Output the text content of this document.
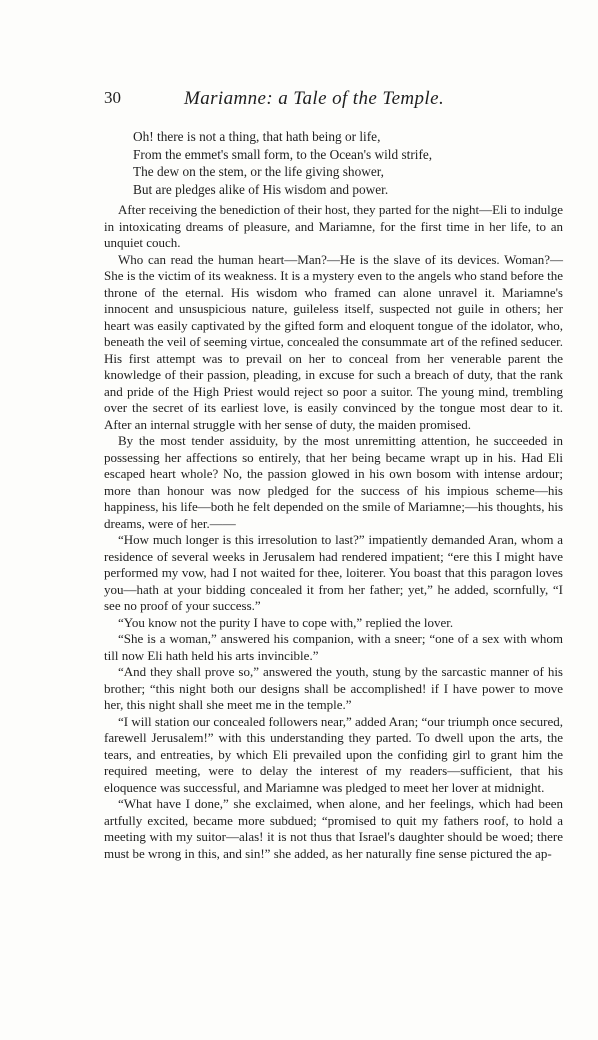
30	Mariamne: a Tale of the Temple.
Oh! there is not a thing, that hath being or life,
From the emmet's small form, to the Ocean's wild strife,
The dew on the stem, or the life giving shower,
But are pledges alike of His wisdom and power.

After receiving the benediction of their host, they parted for the night—Eli to indulge in intoxicating dreams of pleasure, and Mariamne, for the first time in her life, to an unquiet couch.

Who can read the human heart—Man?—He is the slave of its devices. Woman?—She is the victim of its weakness. It is a mystery even to the angels who stand before the throne of the eternal. His wisdom who framed can alone unravel it. Mariamne's innocent and unsuspicious nature, guileless itself, suspected not guile in others; her heart was easily captivated by the gifted form and eloquent tongue of the idolator, who, beneath the veil of seeming virtue, concealed the consummate art of the refined seducer. His first attempt was to prevail on her to conceal from her venerable parent the knowledge of their passion, pleading, in excuse for such a breach of duty, that the rank and pride of the High Priest would reject so poor a suitor. The young mind, trembling over the secret of its earliest love, is easily convinced by the tongue most dear to it. After an internal struggle with her sense of duty, the maiden promised.

By the most tender assiduity, by the most unremitting attention, he succeeded in possessing her affections so entirely, that her being became wrapt up in his. Had Eli escaped heart whole? No, the passion glowed in his own bosom with intense ardour; more than honour was now pledged for the success of his impious scheme—his happiness, his life—both he felt depended on the smile of Mariamne;—his thoughts, his dreams, were of her.——

“How much longer is this irresolution to last?” impatiently demanded Aran, whom a residence of several weeks in Jerusalem had rendered impatient; “ere this I might have performed my vow, had I not waited for thee, loiterer. You boast that this paragon loves you—hath at your bidding concealed it from her father; yet,” he added, scornfully, “I see no proof of your success.”

“You know not the purity I have to cope with,” replied the lover.

“She is a woman,” answered his companion, with a sneer; “one of a sex with whom till now Eli hath held his arts invincible.”

“And they shall prove so,” answered the youth, stung by the sarcastic manner of his brother; “this night both our designs shall be accomplished! if I have power to move her, this night shall she meet me in the temple.”

“I will station our concealed followers near,” added Aran; “our triumph once secured, farewell Jerusalem!” with this understanding they parted. To dwell upon the arts, the tears, and entreaties, by which Eli prevailed upon the confiding girl to grant him the required meeting, were to delay the interest of my readers—sufficient, that his eloquence was successful, and Mariamne was pledged to meet her lover at midnight.

“What have I done,” she exclaimed, when alone, and her feelings, which had been artfully excited, became more subdued; “promised to quit my fathers roof, to hold a meeting with my suitor—alas! it is not thus that Israel's daughter should be woed; there must be wrong in this, and sin!” she added, as her naturally fine sense pictured the ap-
